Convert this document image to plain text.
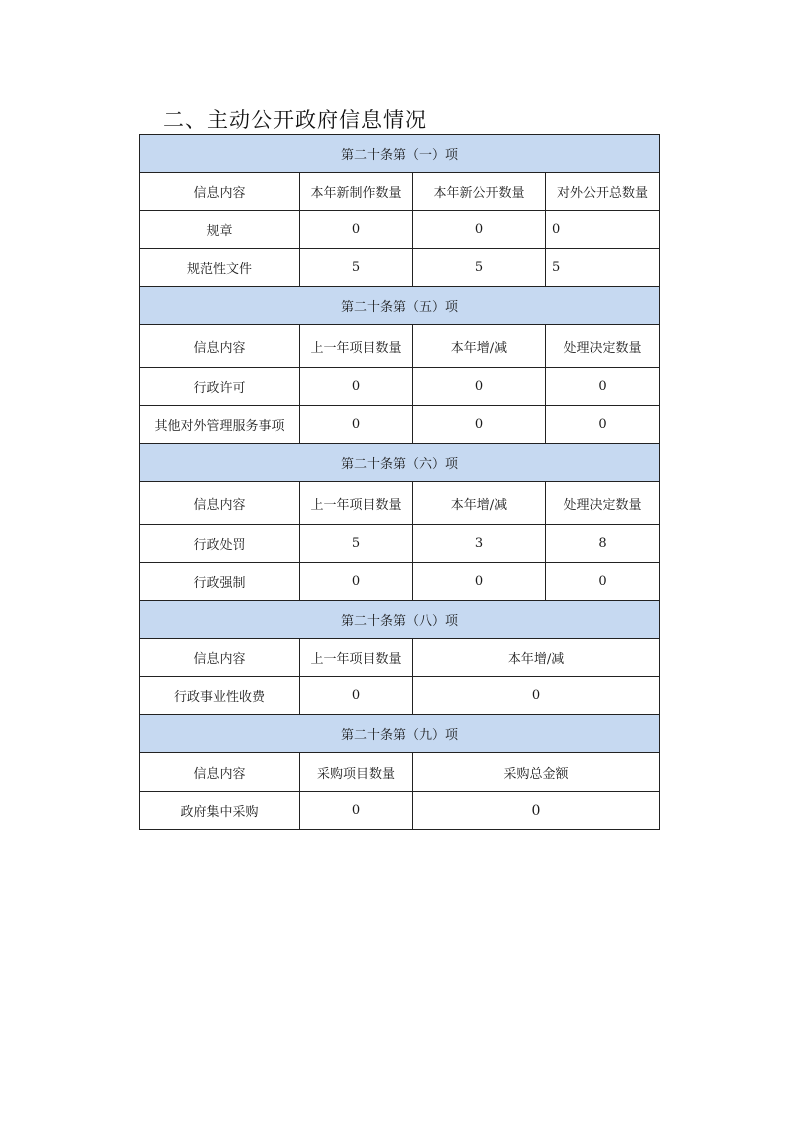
二、主动公开政府信息情况
第二十条第（一）项			
信息内容	本年新制作数量	本年新公开数量	对外公开总数量
规章	0	0	0
规范性文件	5	5	5
第二十条第（五）项			
信息内容	上一年项目数量	本年增/减	处理决定数量
行政许可	0	0	0
其他对外管理服务事项	0	0	0
第二十条第（六）项			
信息内容	上一年项目数量	本年增/减	处理决定数量
行政处罚	5	3	8
行政强制	0	0	0
第二十条第（八）项			
信息内容	上一年项目数量	本年增/减	
行政事业性收费	0	0	
第二十条第（九）项			
信息内容	采购项目数量	采购总金额	
政府集中采购	0	0	
